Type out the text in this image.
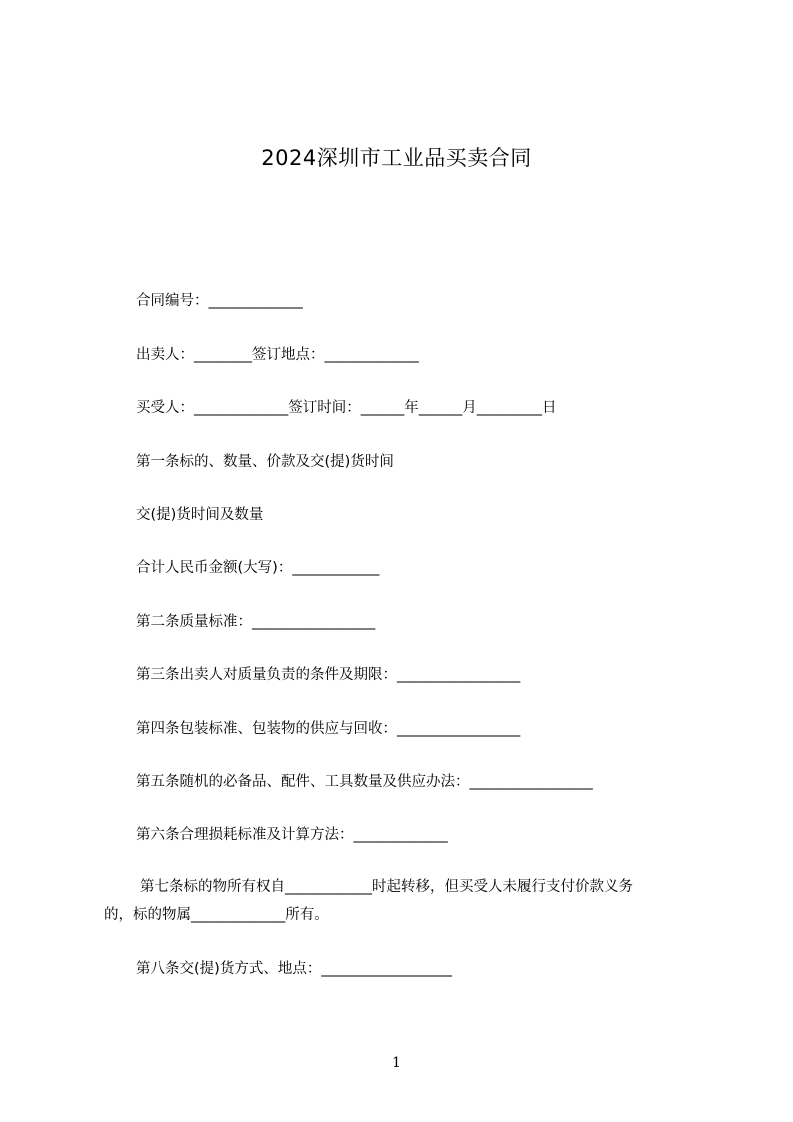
2024深圳市工业品买卖合同
合同编号：_____________
出卖人：________签订地点：_____________
买受人：_____________签订时间：______年______月_________日
第一条标的、数量、价款及交(提)货时间
交(提)货时间及数量
合计人民币金额(大写)：____________
第二条质量标准：_________________
第三条出卖人对质量负责的条件及期限：_________________
第四条包装标准、包装物的供应与回收：_________________
第五条随机的必备品、配件、工具数量及供应办法：_________________
第六条合理损耗标准及计算方法：_____________
第七条标的物所有权自____________时起转移，但买受人未履行支付价款义务
的，标的物属_____________所有。
第八条交(提)货方式、地点：__________________
1
